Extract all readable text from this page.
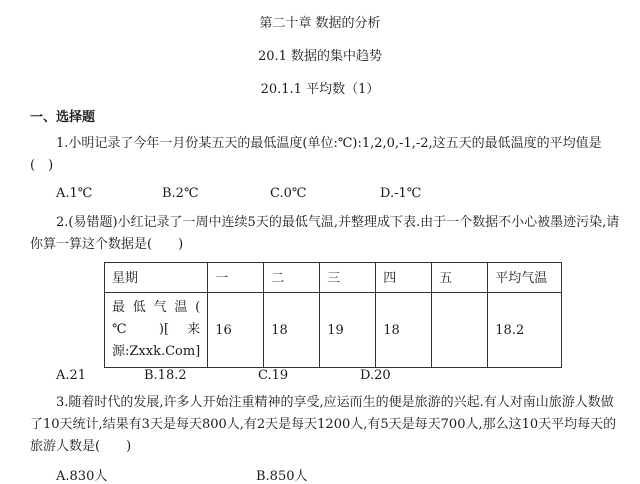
第二十章 数据的分析
20.1 数据的集中趋势
20.1.1 平均数（1）
一、选择题
1.小明记录了今年一月份某五天的最低温度(单位:℃):1,2,0,-1,-2,这五天的最低温度的平均值是(　)
A.1℃	B.2℃	C.0℃	D.-1℃
2.(易错题)小红记录了一周中连续5天的最低气温,并整理成下表.由于一个数据不小心被墨迹污染,请你算一算这个数据是(　　)
星期	一	二	三	四	五	平均气温
最 低 气 温 ( ℃ )[ 来源:Zxxk.Com]	16	18	19	18		18.2
A.21	B.18.2	C.19	D.20
3.随着时代的发展,许多人开始注重精神的享受,应运而生的便是旅游的兴起.有人对南山旅游人数做了10天统计,结果有3天是每天800人,有2天是每天1200人,有5天是每天700人,那么这10天平均每天的旅游人数是(　　)
A.830人	B.850人
